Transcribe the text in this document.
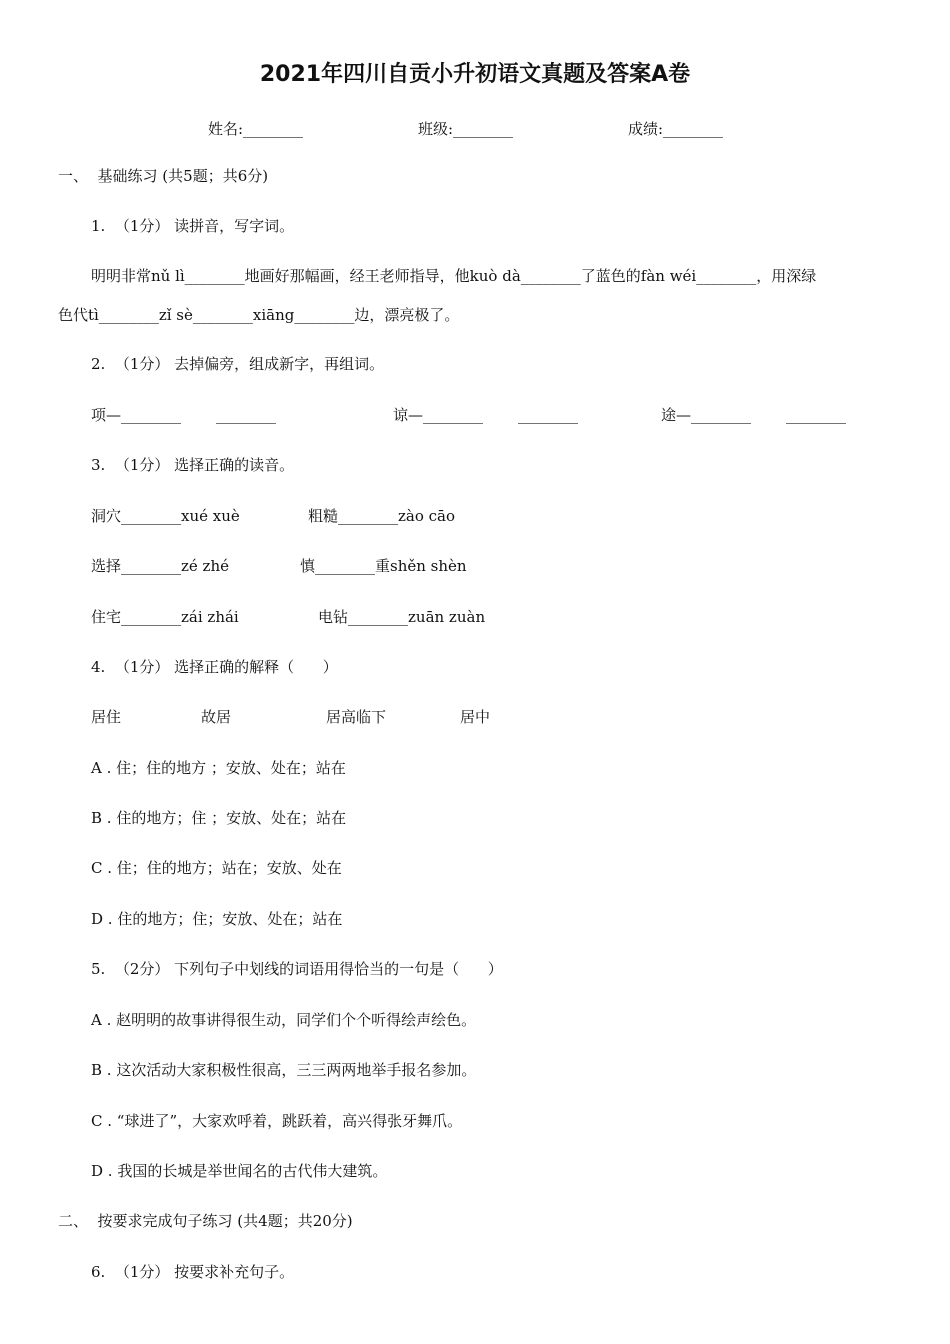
2021年四川自贡小升初语文真题及答案A卷
姓名:________	班级:________	成绩:________
一、  基础练习 (共5题；共6分)
1.  （1分） 读拼音，写字词。
明明非常nǔ lì________地画好那幅画，经王老师指导，他kuò dà________了蓝色的fàn wéi________，用深绿
色代tì________zǐ sè________xiāng________边，漂亮极了。
2.  （1分） 去掉偏旁，组成新字，再组词。
项—________ ________	谅—________ ________	途—________ ________
3.  （1分） 选择正确的读音。
洞穴________xué xuè	粗糙________zào cāo
选择________zé zhé	慎________重shěn shèn
住宅________zái zhái	电钻________zuān zuàn
4.  （1分） 选择正确的解释（      ）
居住	故居	居高临下	居中
A . 住；住的地方 ；安放、处在；站在
B . 住的地方；住 ；安放、处在；站在
C . 住；住的地方；站在；安放、处在
D . 住的地方；住；安放、处在；站在
5.  （2分） 下列句子中划线的词语用得恰当的一句是（      ）
A . 赵明明的故事讲得很生动，同学们个个听得绘声绘色。
B . 这次活动大家积极性很高，三三两两地举手报名参加。
C . “球进了”，大家欢呼着，跳跃着，高兴得张牙舞爪。
D . 我国的长城是举世闻名的古代伟大建筑。
二、  按要求完成句子练习 (共4题；共20分)
6.  （1分） 按要求补充句子。
